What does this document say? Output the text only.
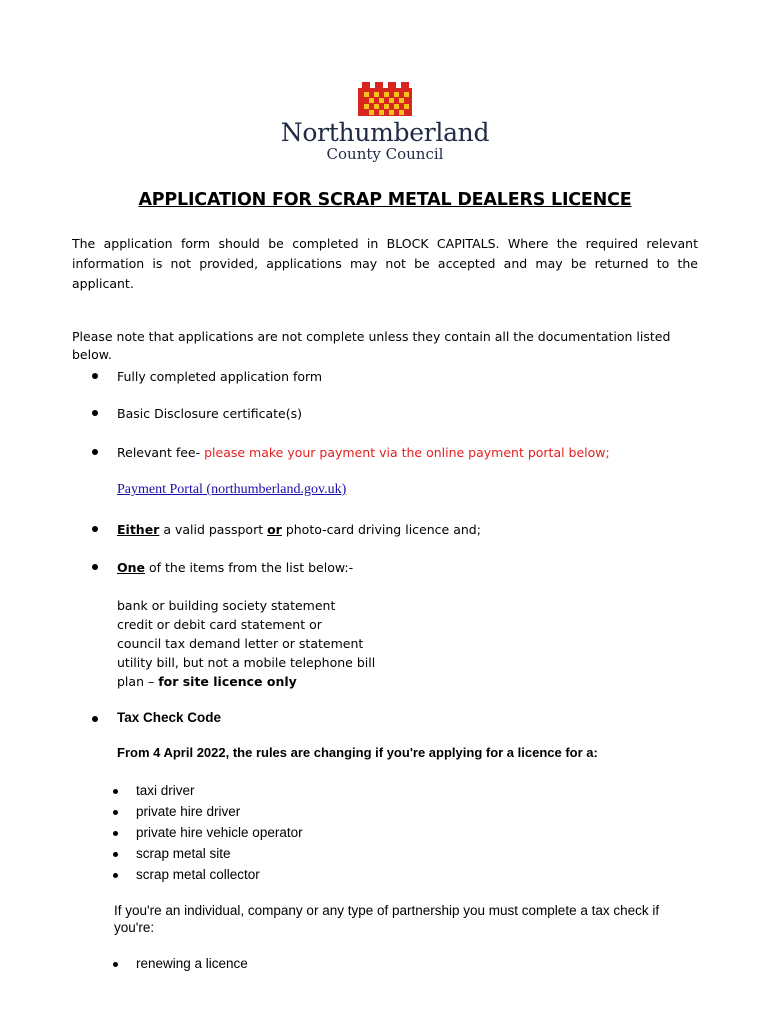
Northumberland
County Council
APPLICATION FOR SCRAP METAL DEALERS LICENCE
The application form should be completed in BLOCK CAPITALS. Where the required relevant information is not provided, applications may not be accepted and may be returned to the applicant.
Please note that applications are not complete unless they contain all the documentation listed below.
Fully completed application form
Basic Disclosure certificate(s)
Relevant fee- please make your payment via the online payment portal below;
Payment Portal (northumberland.gov.uk)
Either a valid passport or photo-card driving licence and;
One of the items from the list below:-
bank or building society statement
credit or debit card statement or
council tax demand letter or statement
utility bill, but not a mobile telephone bill
plan – for site licence only
Tax Check Code
From 4 April 2022, the rules are changing if you're applying for a licence for a:
taxi driver
private hire driver
private hire vehicle operator
scrap metal site
scrap metal collector
If you're an individual, company or any type of partnership you must complete a tax check if you're:
renewing a licence
